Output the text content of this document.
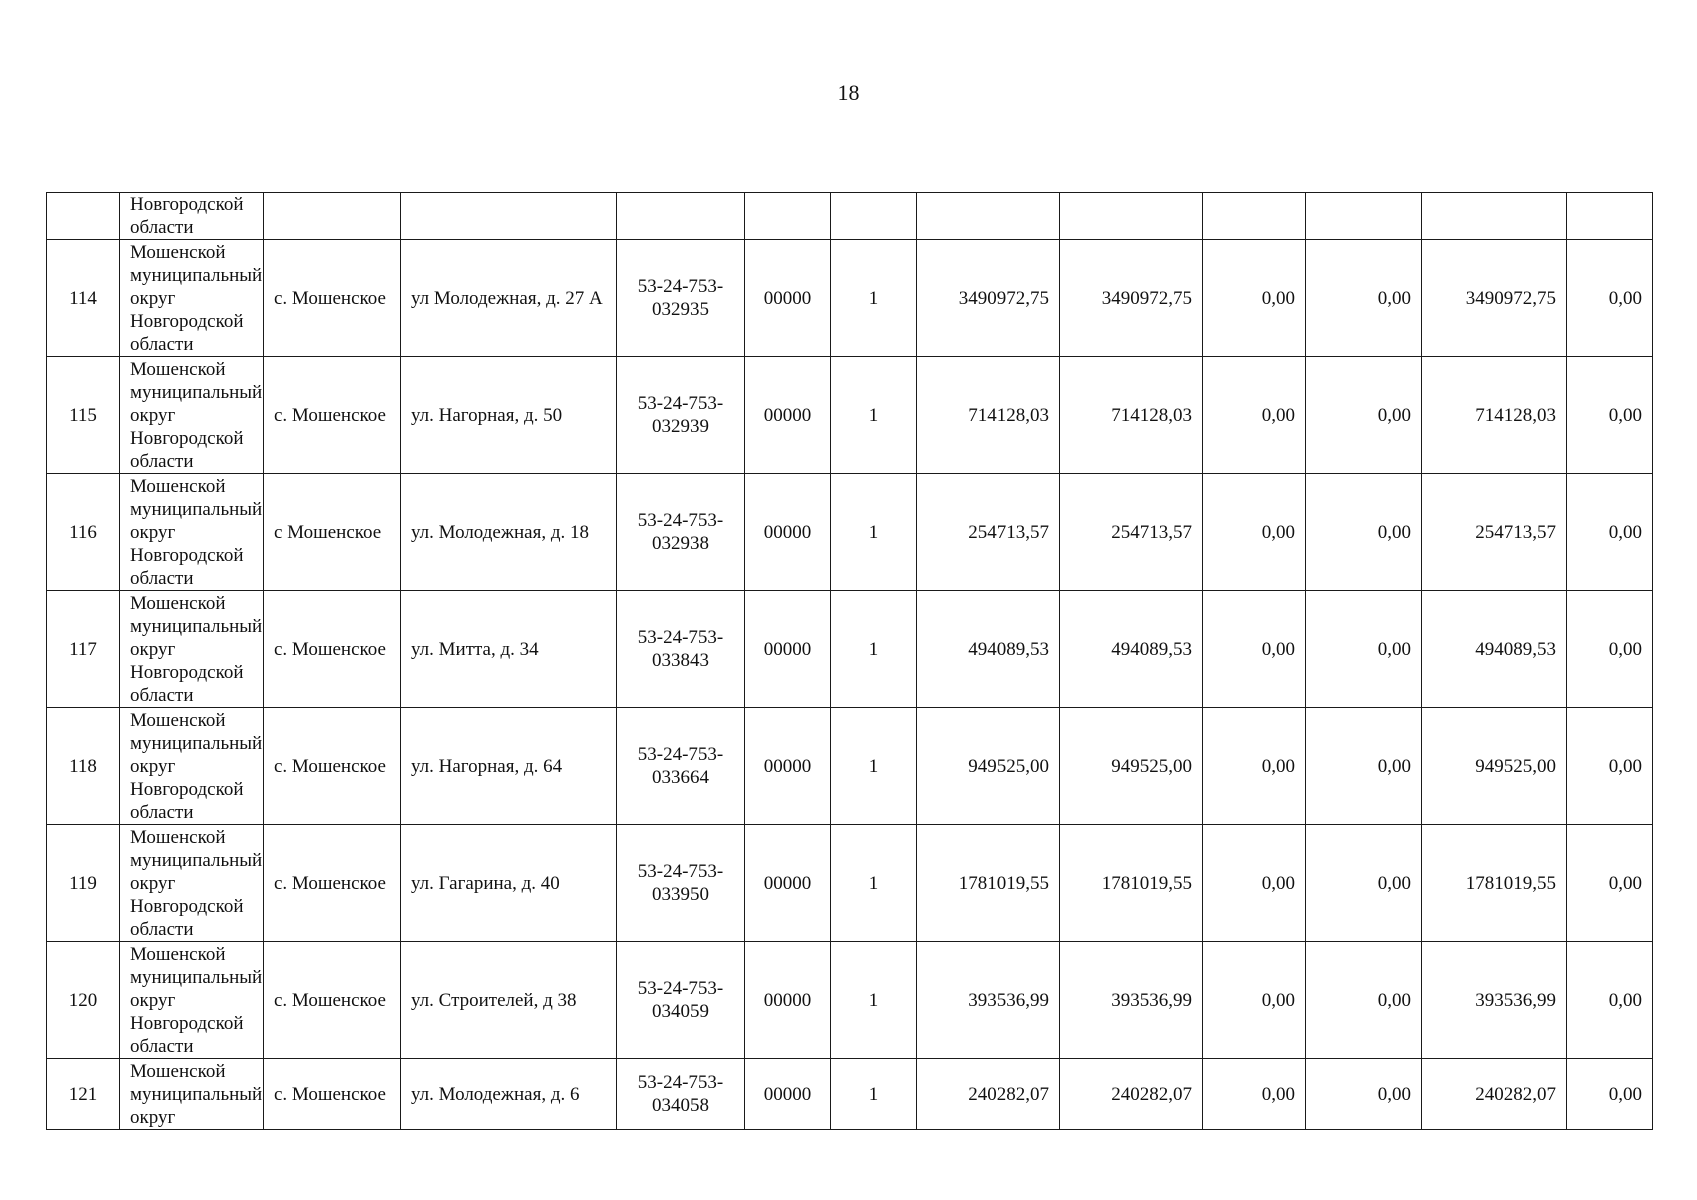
18
	Новгородской области											
114	Мошенской муниципальный округ Новгородской области	с. Мошенское	ул Молодежная, д. 27 А	53-24-753-032935	00000	1	3490972,75	3490972,75	0,00	0,00	3490972,75	0,00
115	Мошенской муниципальный округ Новгородской области	с. Мошенское	ул. Нагорная, д. 50	53-24-753-032939	00000	1	714128,03	714128,03	0,00	0,00	714128,03	0,00
116	Мошенской муниципальный округ Новгородской области	с Мошенское	ул. Молодежная, д. 18	53-24-753-032938	00000	1	254713,57	254713,57	0,00	0,00	254713,57	0,00
117	Мошенской муниципальный округ Новгородской области	с. Мошенское	ул. Митта, д. 34	53-24-753-033843	00000	1	494089,53	494089,53	0,00	0,00	494089,53	0,00
118	Мошенской муниципальный округ Новгородской области	с. Мошенское	ул. Нагорная, д. 64	53-24-753-033664	00000	1	949525,00	949525,00	0,00	0,00	949525,00	0,00
119	Мошенской муниципальный округ Новгородской области	с. Мошенское	ул. Гагарина, д. 40	53-24-753-033950	00000	1	1781019,55	1781019,55	0,00	0,00	1781019,55	0,00
120	Мошенской муниципальный округ Новгородской области	с. Мошенское	ул. Строителей, д 38	53-24-753-034059	00000	1	393536,99	393536,99	0,00	0,00	393536,99	0,00
121	Мошенской муниципальный округ	с. Мошенское	ул. Молодежная, д. 6	53-24-753-034058	00000	1	240282,07	240282,07	0,00	0,00	240282,07	0,00
